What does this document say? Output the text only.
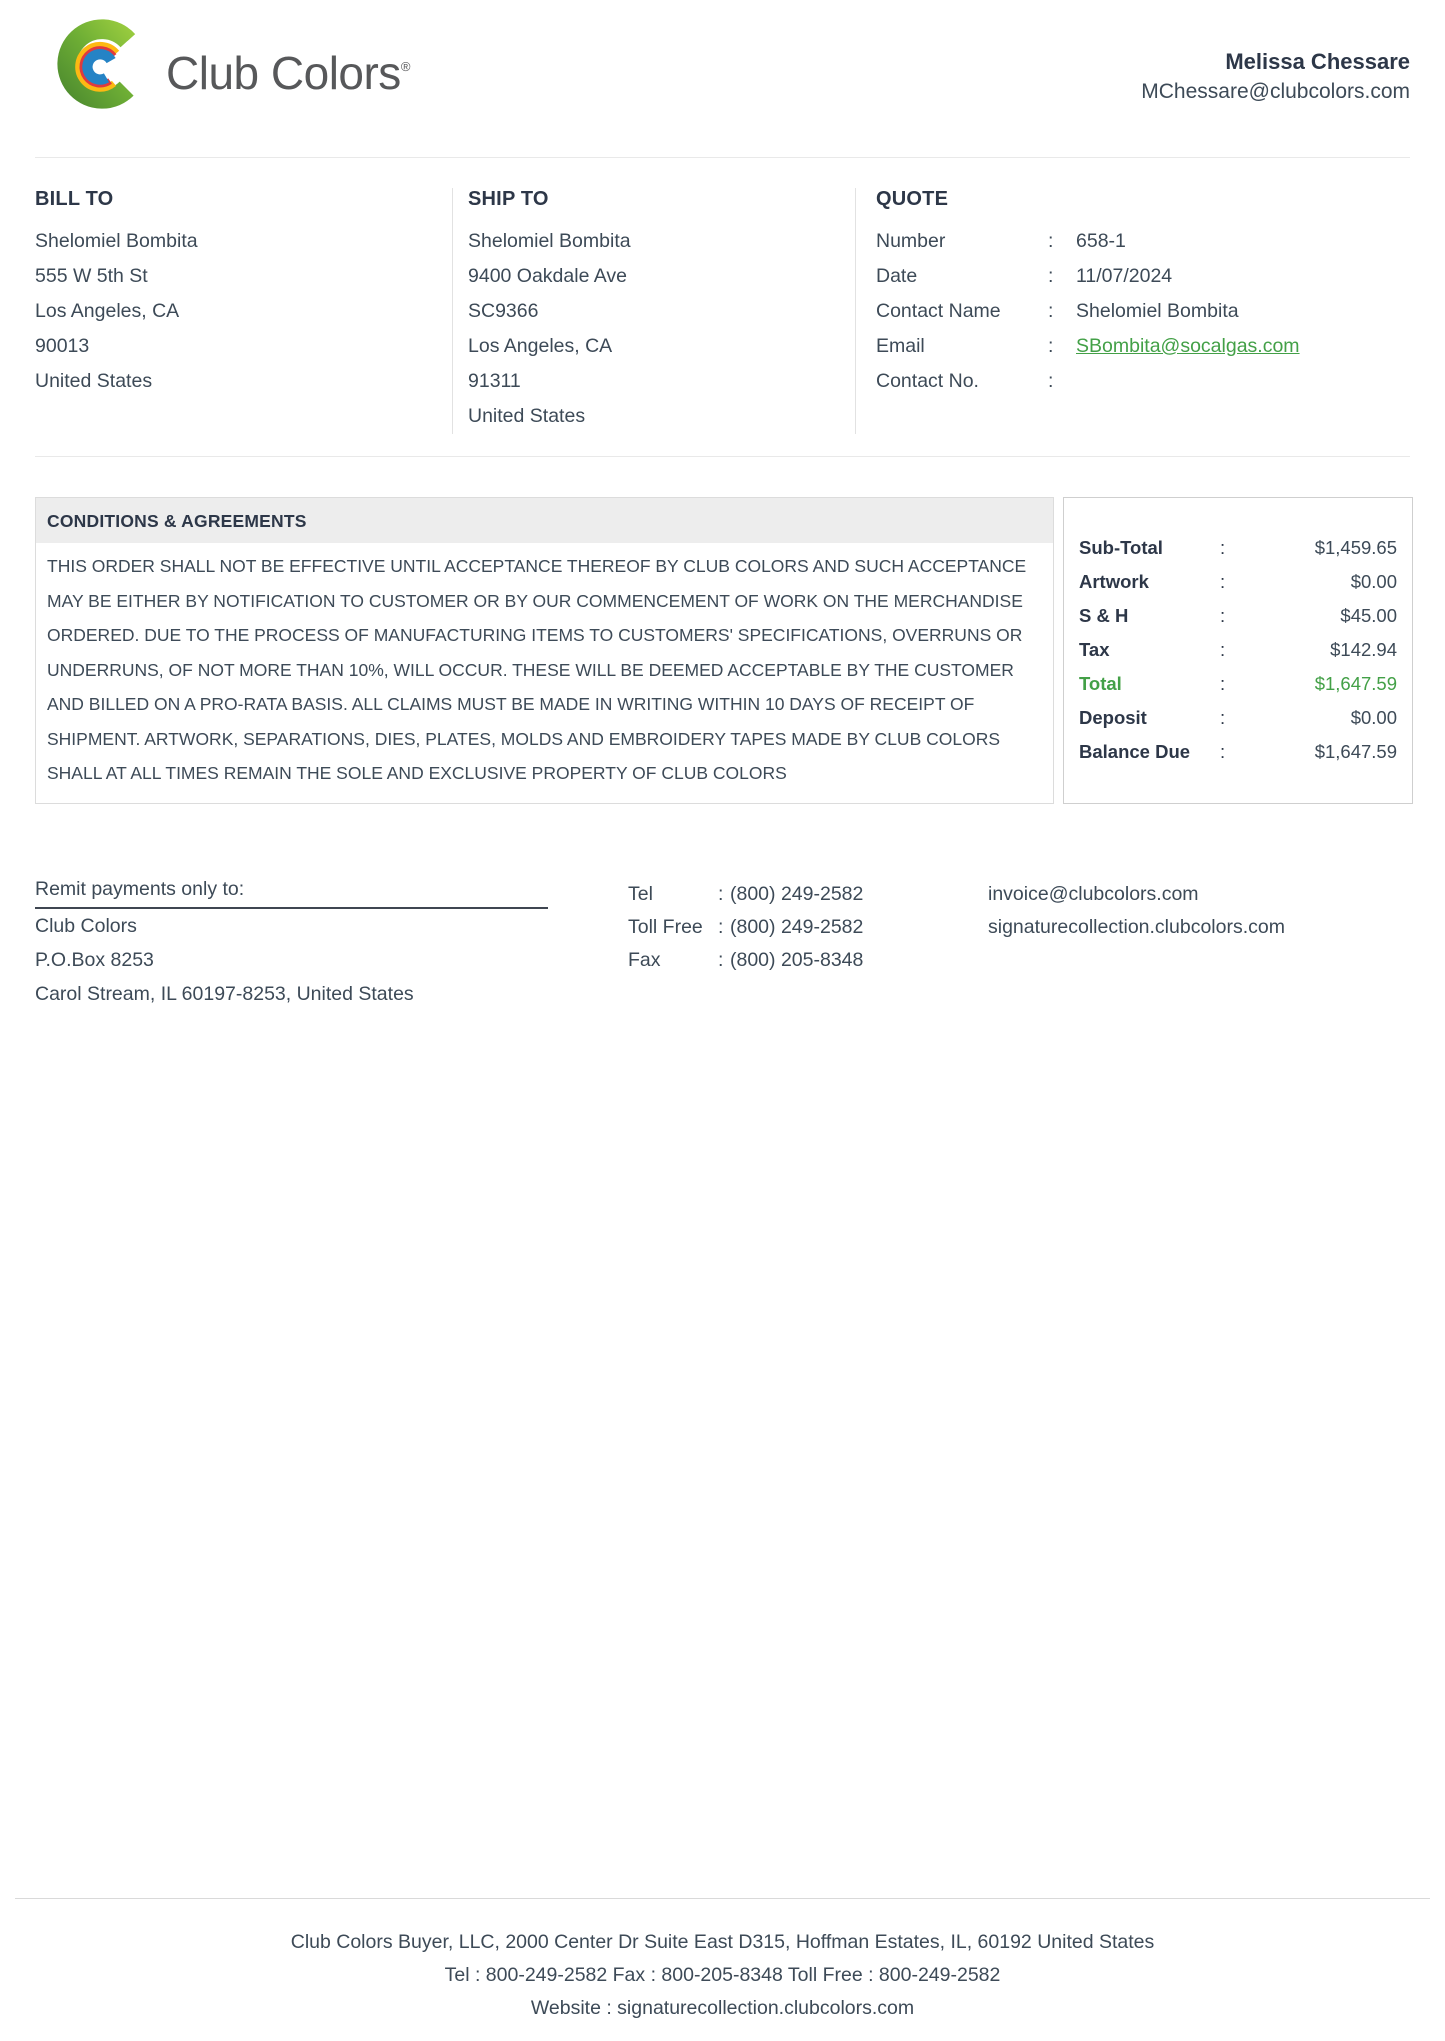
Club Colors®	Melissa Chessare
MChessare@clubcolors.com
BILL TO
Shelomiel Bombita
555 W 5th St
Los Angeles, CA
90013
United States
SHIP TO
Shelomiel Bombita
9400 Oakdale Ave
SC9366
Los Angeles, CA
91311
United States
QUOTE
Number	:	658-1
Date	:	11/07/2024
Contact Name	:	Shelomiel Bombita
Email	:	SBombita@socalgas.com
Contact No.	:
CONDITIONS & AGREEMENTS
THIS ORDER SHALL NOT BE EFFECTIVE UNTIL ACCEPTANCE THEREOF BY CLUB COLORS AND SUCH ACCEPTANCE MAY BE EITHER BY NOTIFICATION TO CUSTOMER OR BY OUR COMMENCEMENT OF WORK ON THE MERCHANDISE ORDERED. DUE TO THE PROCESS OF MANUFACTURING ITEMS TO CUSTOMERS' SPECIFICATIONS, OVERRUNS OR UNDERRUNS, OF NOT MORE THAN 10%, WILL OCCUR. THESE WILL BE DEEMED ACCEPTABLE BY THE CUSTOMER AND BILLED ON A PRO-RATA BASIS. ALL CLAIMS MUST BE MADE IN WRITING WITHIN 10 DAYS OF RECEIPT OF SHIPMENT. ARTWORK, SEPARATIONS, DIES, PLATES, MOLDS AND EMBROIDERY TAPES MADE BY CLUB COLORS SHALL AT ALL TIMES REMAIN THE SOLE AND EXCLUSIVE PROPERTY OF CLUB COLORS
Sub-Total	:	$1,459.65
Artwork	:	$0.00
S & H	:	$45.00
Tax	:	$142.94
Total	:	$1,647.59
Deposit	:	$0.00
Balance Due	:	$1,647.59
Remit payments only to:
Club Colors
P.O.Box 8253
Carol Stream, IL 60197-8253, United States
Tel	: (800) 249-2582
Toll Free : (800) 249-2582
Fax	: (800) 205-8348
invoice@clubcolors.com
signaturecollection.clubcolors.com
Club Colors Buyer, LLC, 2000 Center Dr Suite East D315, Hoffman Estates, IL, 60192 United States
Tel : 800-249-2582 Fax : 800-205-8348 Toll Free : 800-249-2582
Website : signaturecollection.clubcolors.com
